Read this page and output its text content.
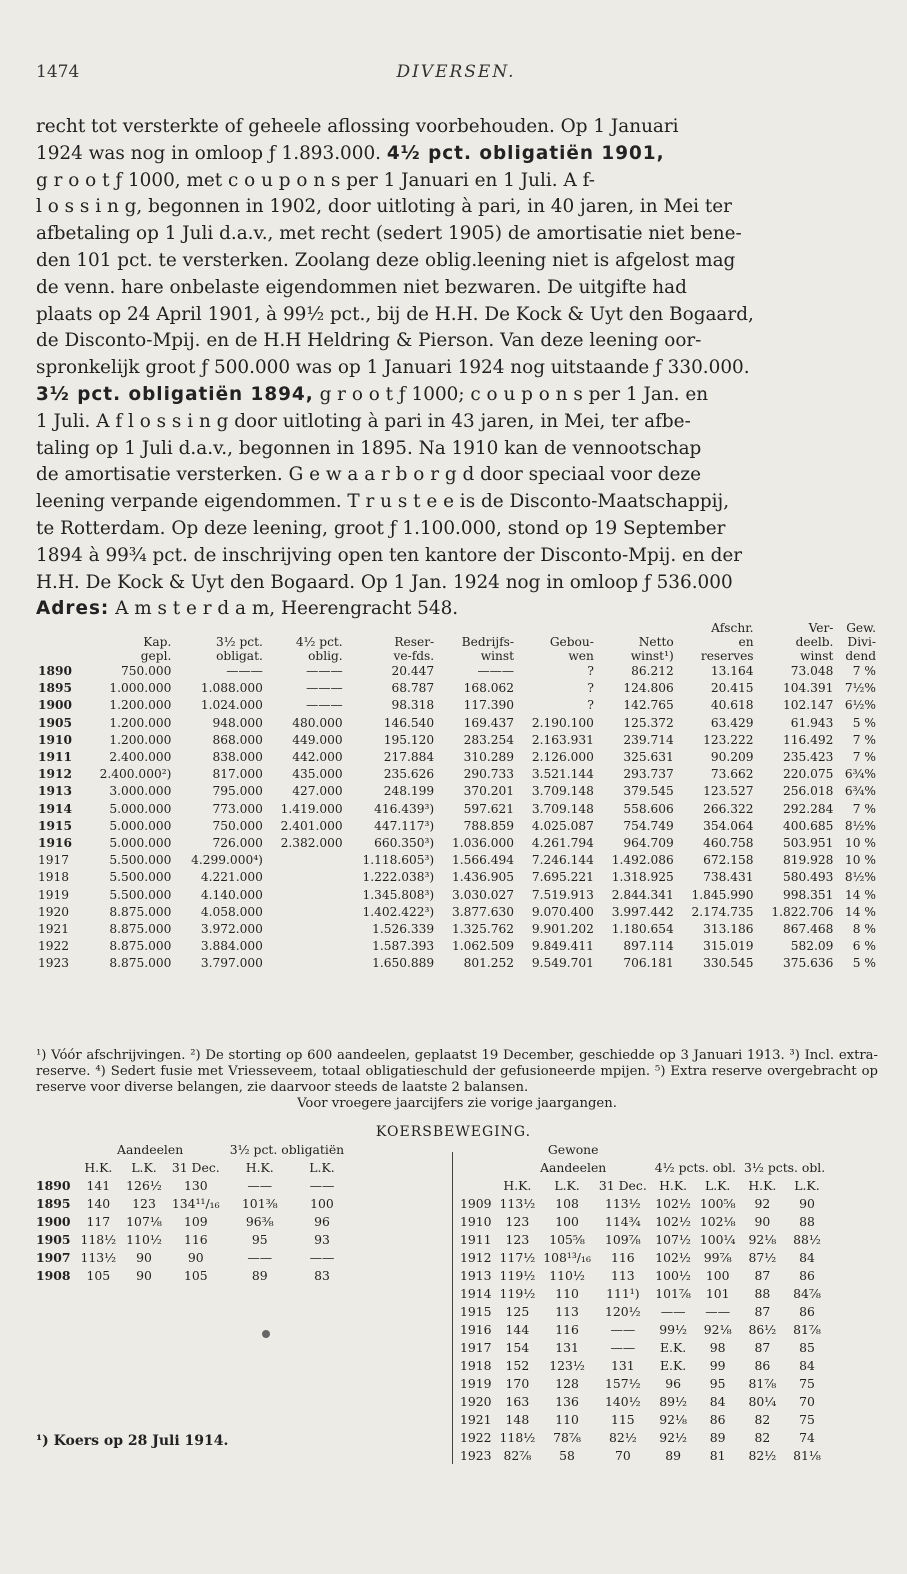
1474	DIVERSEN.
recht tot versterkte of geheele aflossing voorbehouden. Op 1 Januari
1924 was nog in omloop ƒ 1.893.000. 4½ pct. obligatiën 1901,
g r o o t ƒ 1000, met c o u p o n s per 1 Januari en 1 Juli. A f-
l o s s i n g, begonnen in 1902, door uitloting à pari, in 40 jaren, in Mei ter
afbetaling op 1 Juli d.a.v., met recht (sedert 1905) de amortisatie niet bene-
den 101 pct. te versterken. Zoolang deze oblig.leening niet is afgelost mag
de venn. hare onbelaste eigendommen niet bezwaren. De uitgifte had
plaats op 24 April 1901, à 99½ pct., bij de H.H. De Kock & Uyt den Bogaard,
de Disconto-Mpij. en de H.H Heldring & Pierson. Van deze leening oor-
spronkelijk groot ƒ 500.000 was op 1 Januari 1924 nog uitstaande ƒ 330.000.
3½ pct. obligatiën 1894, g r o o t ƒ 1000; c o u p o n s per 1 Jan. en
1 Juli. A f l o s s i n g door uitloting à pari in 43 jaren, in Mei, ter afbe-
taling op 1 Juli d.a.v., begonnen in 1895. Na 1910 kan de vennootschap
de amortisatie versterken. G e w a a r b o r g d door speciaal voor deze
leening verpande eigendommen. T r u s t e e is de Disconto-Maatschappij,
te Rotterdam. Op deze leening, groot ƒ 1.100.000, stond op 19 September
1894 à 99¾ pct. de inschrijving open ten kantore der Disconto-Mpij. en der
H.H. De Kock & Uyt den Bogaard. Op 1 Jan. 1924 nog in omloop ƒ 536.000
Adres: A m s t e r d a m, Heerengracht 548.
								Afschr.	Ver-	Gew.
	Kap.	3½ pct.	4½ pct.	Reser-	Bedrijfs-	Gebou-	Netto	en	deelb.	Divi-
	gepl.	obligat.	oblig.	ve-fds.	winst	wen	winst¹)	reserves	winst	dend
1890	750.000	———	———	20.447	———	?	86.212	13.164	73.048	7 %
1895	1.000.000	1.088.000	———	68.787	168.062	?	124.806	20.415	104.391	7½%
1900	1.200.000	1.024.000	———	98.318	117.390	?	142.765	40.618	102.147	6½%
1905	1.200.000	948.000	480.000	146.540	169.437	2.190.100	125.372	63.429	61.943	5 %
1910	1.200.000	868.000	449.000	195.120	283.254	2.163.931	239.714	123.222	116.492	7 %
1911	2.400.000	838.000	442.000	217.884	310.289	2.126.000	325.631	90.209	235.423	7 %
1912	2.400.000²)	817.000	435.000	235.626	290.733	3.521.144	293.737	73.662	220.075	6¾%
1913	3.000.000	795.000	427.000	248.199	370.201	3.709.148	379.545	123.527	256.018	6¾%
1914	5.000.000	773.000	1.419.000	416.439³)	597.621	3.709.148	558.606	266.322	292.284	7 %
1915	5.000.000	750.000	2.401.000	447.117³)	788.859	4.025.087	754.749	354.064	400.685	8½%
1916	5.000.000	726.000	2.382.000	660.350³)	1.036.000	4.261.794	964.709	460.758	503.951	10 %
1917	5.500.000	4.299.000⁴)		1.118.605³)	1.566.494	7.246.144	1.492.086	672.158	819.928	10 %
1918	5.500.000	4.221.000		1.222.038³)	1.436.905	7.695.221	1.318.925	738.431	580.493	8½%
1919	5.500.000	4.140.000		1.345.808³)	3.030.027	7.519.913	2.844.341	1.845.990	998.351	14 %
1920	8.875.000	4.058.000		1.402.422³)	3.877.630	9.070.400	3.997.442	2.174.735	1.822.706	14 %
1921	8.875.000	3.972.000		1.526.339	1.325.762	9.901.202	1.180.654	313.186	867.468	8 %
1922	8.875.000	3.884.000		1.587.393	1.062.509	9.849.411	897.114	315.019	582.09	6 %
1923	8.875.000	3.797.000		1.650.889	801.252	9.549.701	706.181	330.545	375.636	5 %
¹) Vóór afschrijvingen. ²) De storting op 600 aandeelen, geplaatst 19 December, geschiedde op 3 Januari 1913. ³) Incl. extra-reserve. ⁴) Sedert fusie met Vriesseveem, totaal obligatieschuld der gefusioneerde mpijen. ⁵) Extra reserve overgebracht op reserve voor diverse belangen, zie daarvoor steeds de laatste 2 balansen.
Voor vroegere jaarcijfers zie vorige jaargangen.
KOERSBEWEGING.
	Aandeelen			3½ pct. obligatiën	
	H.K.	L.K.	31 Dec.	H.K.	L.K.
1890	141	126½	130	——	——
1895	140	123	134¹¹/₁₆	101⅜	100
1900	117	107⅛	109	96⅜	96
1905	118½	110½	116	95	93
1907	113½	90	90	——	——
1908	105	90	105	89	83
	Gewone						
	Aandeelen			4½ pcts. obl.		3½ pcts. obl.	
	H.K.	L.K.	31 Dec.	H.K.	L.K.	H.K.	L.K.
1909	113½	108	113½	102½	100⅝	92	90
1910	123	100	114¾	102½	102⅛	90	88
1911	123	105⅝	109⅞	107½	100¼	92⅛	88½
1912	117½	108¹³/₁₆	116	102½	99⅞	87½	84
1913	119½	110½	113	100½	100	87	86
1914	119½	110	111¹)	101⅞	101	88	84⅞
1915	125	113	120½	——	——	87	86
1916	144	116	——	99½	92⅛	86½	81⅞
1917	154	131	——	E.K.	98	87	85
1918	152	123½	131	E.K.	99	86	84
1919	170	128	157½	96	95	81⅞	75
1920	163	136	140½	89½	84	80¼	70
1921	148	110	115	92⅛	86	82	75
1922	118½	78⅞	82½	92½	89	82	74
1923	82⅞	58	70	89	81	82½	81⅛
¹) Koers op 28 Juli 1914.
